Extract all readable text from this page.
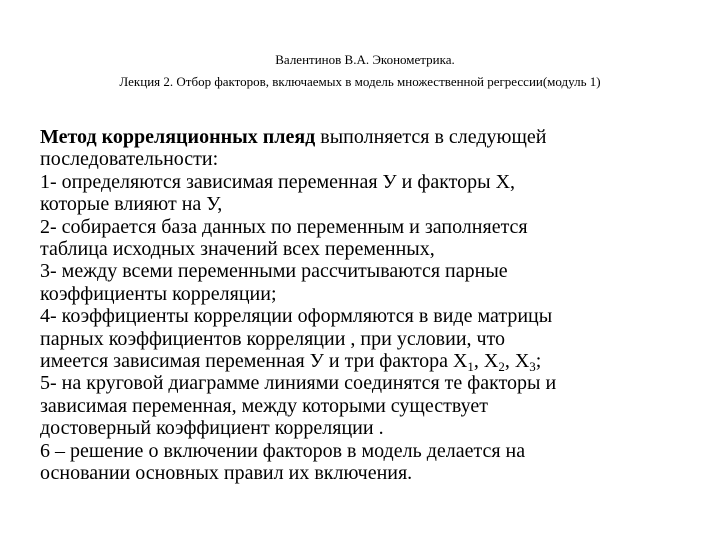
Валентинов В.А. Эконометрика.
Лекция 2. Отбор факторов, включаемых в модель множественной регрессии(модуль 1)
Метод корреляционных плеяд выполняется в следующей
последовательности:
1- определяются зависимая переменная У и факторы Х,
которые влияют на У,
2- собирается база данных по переменным и заполняется
таблица исходных значений всех переменных,
3- между всеми переменными рассчитываются парные
коэффициенты корреляции;
4- коэффициенты корреляции оформляются в виде матрицы
парных коэффициентов корреляции , при условии, что
имеется зависимая переменная У и три фактора $Х_1$, $Х_2$, $Х_3$;
5- на круговой диаграмме линиями соединятся те факторы и
зависимая переменная, между которыми существует
достоверный коэффициент корреляции .
6 – решение о включении факторов в модель делается на
основании основных правил их включения.
